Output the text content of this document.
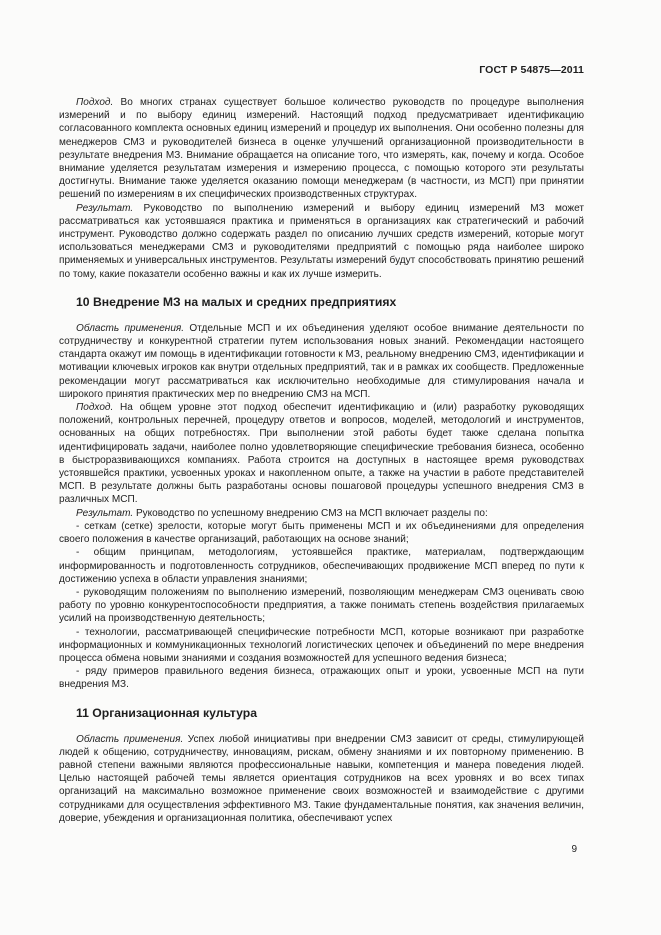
ГОСТ Р 54875—2011

Подход. Во многих странах существует большое количество руководств по процедуре выполнения измерений и по выбору единиц измерений. Настоящий подход предусматривает идентификацию согласованного комплекта основных единиц измерений и процедур их выполнения. Они особенно полезны для менеджеров СМЗ и руководителей бизнеса в оценке улучшений организационной производительности в результате внедрения МЗ. Внимание обращается на описание того, что измерять, как, почему и когда. Особое внимание уделяется результатам измерения и измерению процесса, с помощью которого эти результаты достигнуты. Внимание также уделяется оказанию помощи менеджерам (в частности, из МСП) при принятии решений по измерениям в их специфических производственных структурах.

Результат. Руководство по выполнению измерений и выбору единиц измерений МЗ может рассматриваться как устоявшаяся практика и применяться в организациях как стратегический и рабочий инструмент. Руководство должно содержать раздел по описанию лучших средств измерений, которые могут использоваться менеджерами СМЗ и руководителями предприятий с помощью ряда наиболее широко применяемых и универсальных инструментов. Результаты измерений будут способствовать принятию решений по тому, какие показатели особенно важны и как их лучше измерить.

10 Внедрение МЗ на малых и средних предприятиях

Область применения. Отдельные МСП и их объединения уделяют особое внимание деятельности по сотрудничеству и конкурентной стратегии путем использования новых знаний. Рекомендации настоящего стандарта окажут им помощь в идентификации готовности к МЗ, реальному внедрению СМЗ, идентификации и мотивации ключевых игроков как внутри отдельных предприятий, так и в рамках их сообществ. Предложенные рекомендации могут рассматриваться как исключительно необходимые для стимулирования начала и широкого принятия практических мер по внедрению СМЗ на МСП.

Подход. На общем уровне этот подход обеспечит идентификацию и (или) разработку руководящих положений, контрольных перечней, процедуру ответов и вопросов, моделей, методологий и инструментов, основанных на общих потребностях. При выполнении этой работы будет также сделана попытка идентифицировать задачи, наиболее полно удовлетворяющие специфические требования бизнеса, особенно в быстроразвивающихся компаниях. Работа строится на доступных в настоящее время руководствах устоявшейся практики, усвоенных уроках и накопленном опыте, а также на участии в работе представителей МСП. В результате должны быть разработаны основы пошаговой процедуры успешного внедрения СМЗ в различных МСП.

Результат. Руководство по успешному внедрению СМЗ на МСП включает разделы по:

- сеткам (сетке) зрелости, которые могут быть применены МСП и их объединениями для определения своего положения в качестве организаций, работающих на основе знаний;

- общим принципам, методологиям, устоявшейся практике, материалам, подтверждающим информированность и подготовленность сотрудников, обеспечивающих продвижение МСП вперед по пути к достижению успеха в области управления знаниями;

- руководящим положениям по выполнению измерений, позволяющим менеджерам СМЗ оценивать свою работу по уровню конкурентоспособности предприятия, а также понимать степень воздействия прилагаемых усилий на производственную деятельность;

- технологии, рассматривающей специфические потребности МСП, которые возникают при разработке информационных и коммуникационных технологий логистических цепочек и объединений по мере внедрения процесса обмена новыми знаниями и создания возможностей для успешного ведения бизнеса;

- ряду примеров правильного ведения бизнеса, отражающих опыт и уроки, усвоенные МСП на пути внедрения МЗ.

11 Организационная культура

Область применения. Успех любой инициативы при внедрении СМЗ зависит от среды, стимулирующей людей к общению, сотрудничеству, инновациям, рискам, обмену знаниями и их повторному применению. В равной степени важными являются профессиональные навыки, компетенция и манера поведения людей. Целью настоящей рабочей темы является ориентация сотрудников на всех уровнях и во всех типах организаций на максимально возможное применение своих возможностей и взаимодействие с другими сотрудниками для осуществления эффективного МЗ. Такие фундаментальные понятия, как значения величин, доверие, убеждения и организационная политика, обеспечивают успех

9
